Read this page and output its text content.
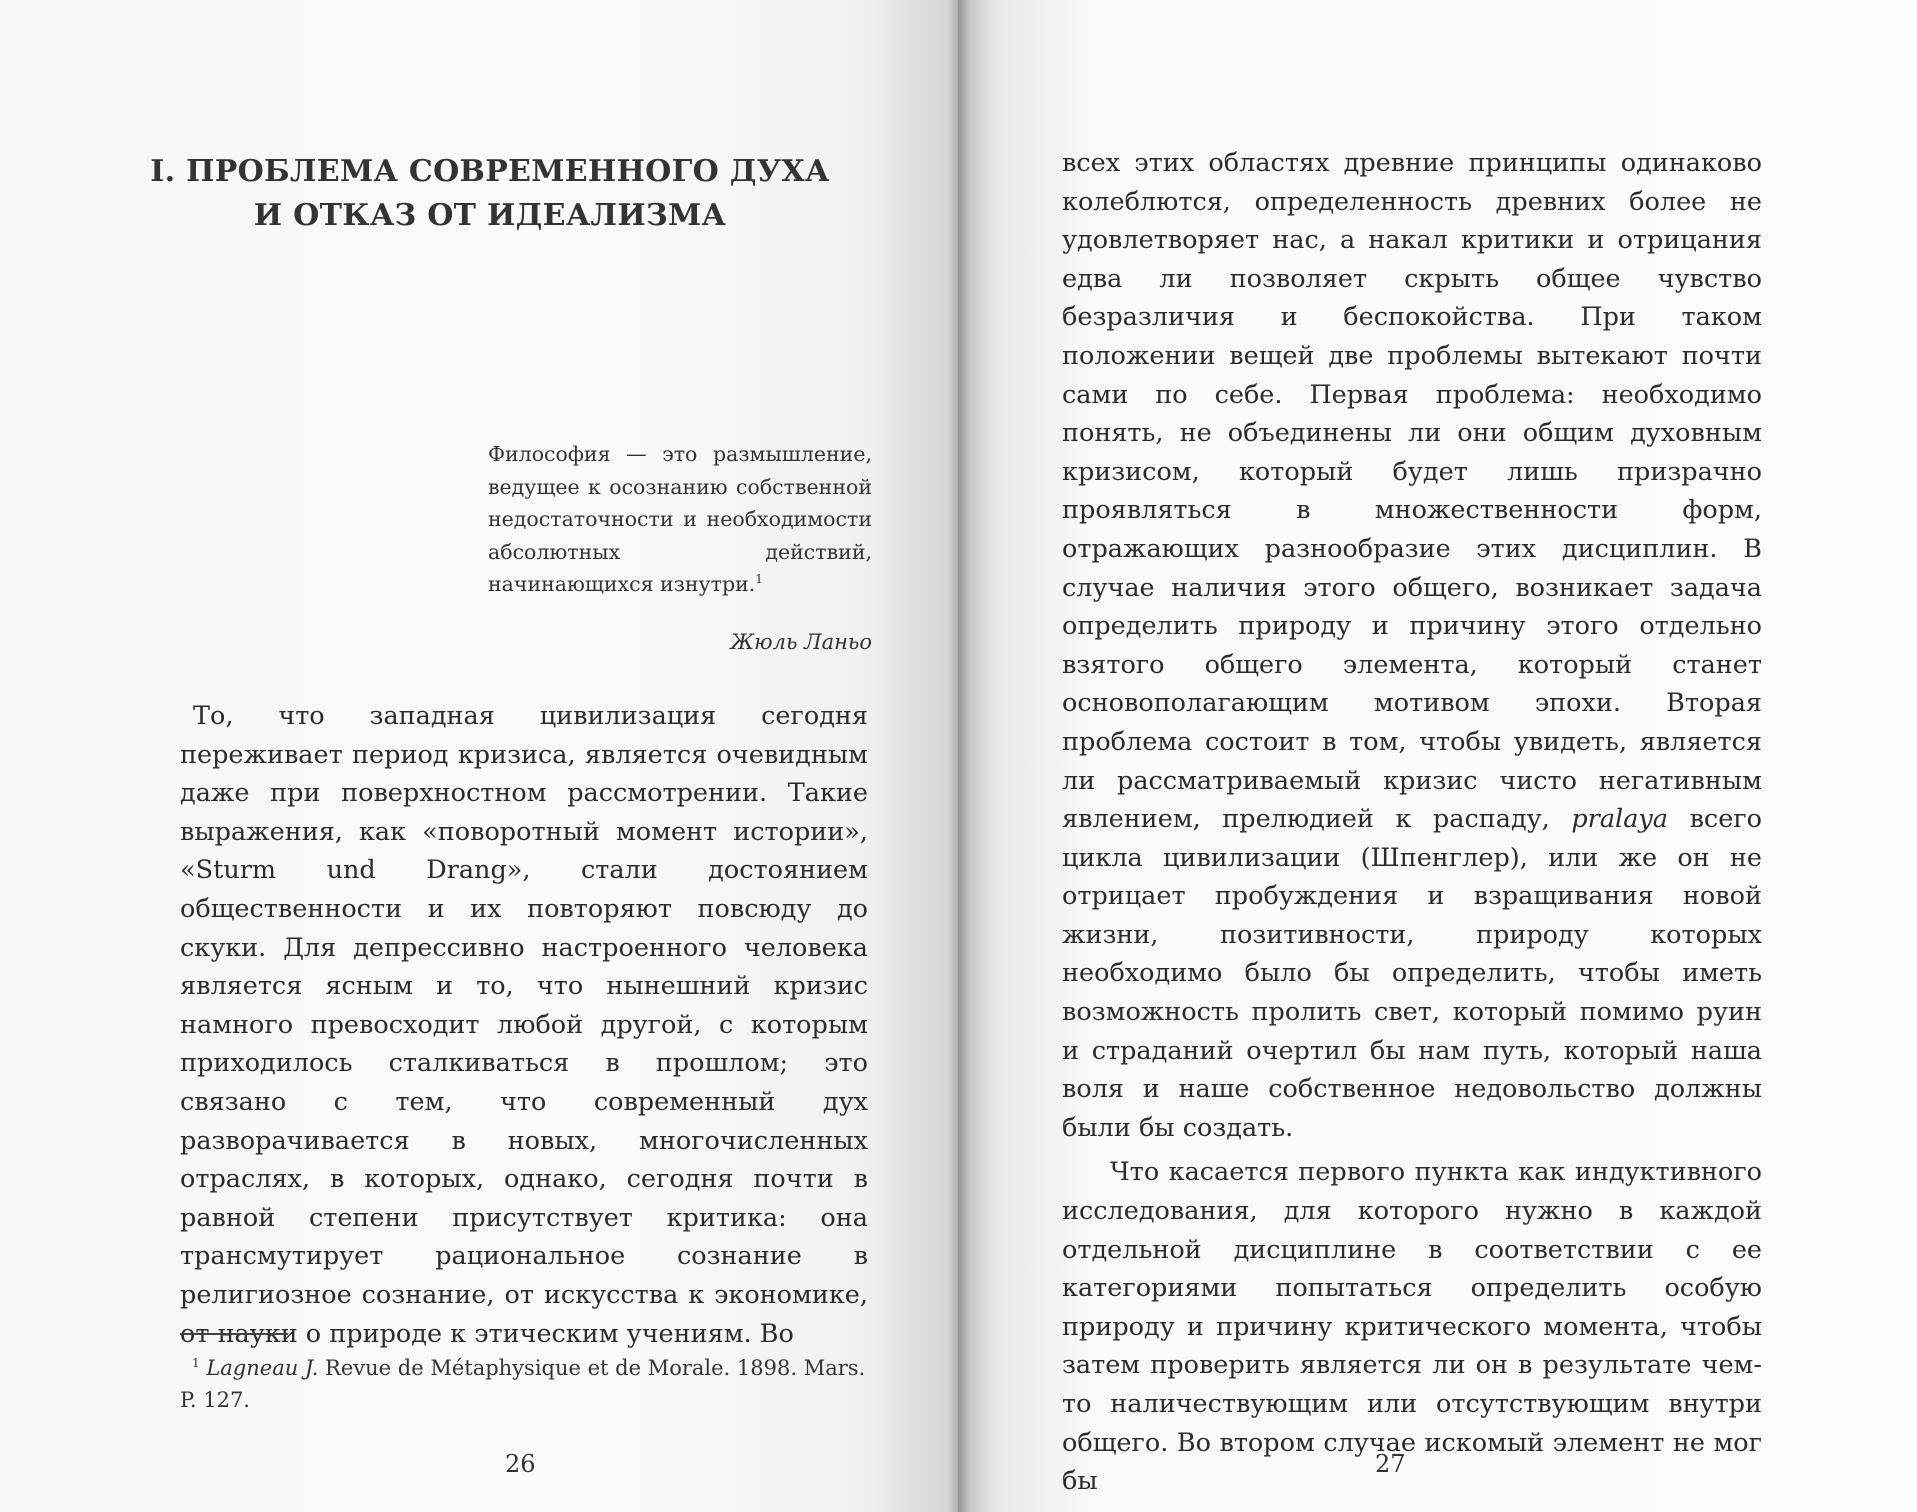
I. ПРОБЛЕМА СОВРЕМЕННОГО ДУХА
И ОТКАЗ ОТ ИДЕАЛИЗМА
Философия — это размышление, ведущее к осознанию собственной недостаточности и необходимости абсолютных действий, начинающихся изнутри.$^1$
Жюль Ланьо

То, что западная цивилизация сегодня переживает период кризиса, является очевидным даже при поверхностном рассмотрении. Такие выражения, как «поворотный момент истории», «Sturm und Drang», стали достоянием общественности и их повторяют повсюду до скуки. Для депрессивно настроенного человека является ясным и то, что нынешний кризис намного превосходит любой другой, с которым приходилось сталкиваться в прошлом; это связано с тем, что современный дух разворачивается в новых, многочисленных отраслях, в которых, однако, сегодня почти в равной степени присутствует критика: она трансмутирует рациональное сознание в религиозное сознание, от искусства к экономике, от науки о природе к этическим учениям. Во

$^1$ Lagneau J. Revue de Métaphysique et de Morale. 1898. Mars. P. 127.
26

всех этих областях древние принципы одинаково колеблются, определенность древних более не удовлетворяет нас, а накал критики и отрицания едва ли позволяет скрыть общее чувство безразличия и беспокойства. При таком положении вещей две проблемы вытекают почти сами по себе. Первая проблема: необходимо понять, не объединены ли они общим духовным кризисом, который будет лишь призрачно проявляться в множественности форм, отражающих разнообразие этих дисциплин. В случае наличия этого общего, возникает задача определить природу и причину этого отдельно взятого общего элемента, который станет основополагающим мотивом эпохи. Вторая проблема состоит в том, чтобы увидеть, является ли рассматриваемый кризис чисто негативным явлением, прелюдией к распаду, pralaya всего цикла цивилизации (Шпенглер), или же он не отрицает пробуждения и взращивания новой жизни, позитивности, природу которых необходимо было бы определить, чтобы иметь возможность пролить свет, который помимо руин и страданий очертил бы нам путь, который наша воля и наше собственное недовольство должны были бы создать.

Что касается первого пункта как индуктивного исследования, для которого нужно в каждой отдельной дисциплине в соответствии с ее категориями попытаться определить особую природу и причину критического момента, чтобы затем проверить является ли он в результате чем-то наличествующим или отсутствующим внутри общего. Во втором случае искомый элемент не мог бы

27
